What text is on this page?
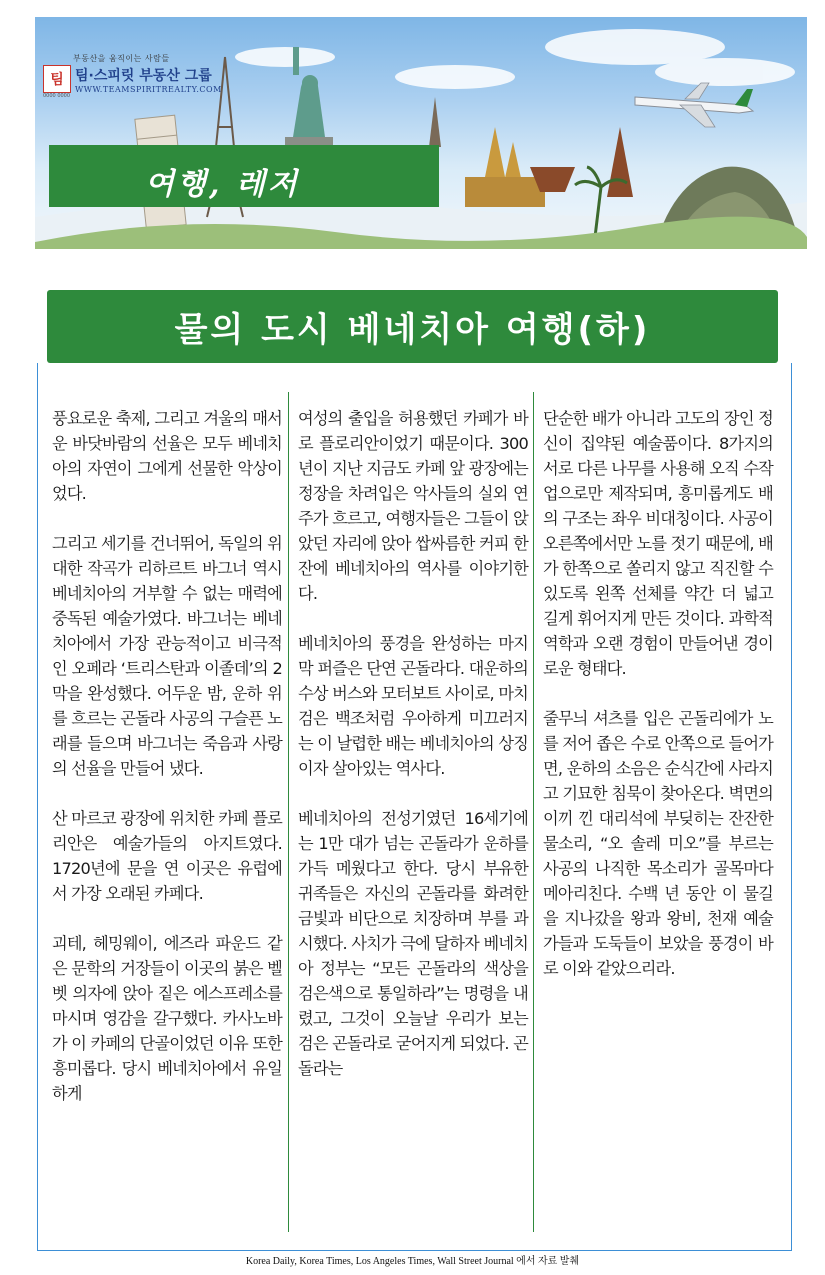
팀
0000 0000
부동산을 움직이는 사람들
팀·스피릿 부동산 그룹
WWW.TEAMSPIRITREALTY.COM
여행, 레저
물의 도시 베네치아 여행(하)

풍요로운 축제, 그리고 겨울의 매서운 바닷바람의 선율은 모두 베네치아의 자연이 그에게 선물한 악상이었다.

그리고 세기를 건너뛰어, 독일의 위대한 작곡가 리하르트 바그너 역시 베네치아의 거부할 수 없는 매력에 중독된 예술가였다. 바그너는 베네치아에서 가장 관능적이고 비극적인 오페라 ‘트리스탄과 이졸데’의 2막을 완성했다. 어두운 밤, 운하 위를 흐르는 곤돌라 사공의 구슬픈 노래를 들으며 바그너는 죽음과 사랑의 선율을 만들어 냈다.

산 마르코 광장에 위치한 카페 플로리안은 예술가들의 아지트였다. 1720년에 문을 연 이곳은 유럽에서 가장 오래된 카페다.

괴테, 헤밍웨이, 에즈라 파운드 같은 문학의 거장들이 이곳의 붉은 벨벳 의자에 앉아 짙은 에스프레소를 마시며 영감을 갈구했다. 카사노바가 이 카페의 단골이었던 이유 또한 흥미롭다. 당시 베네치아에서 유일하게

여성의 출입을 허용했던 카페가 바로 플로리안이었기 때문이다. 300년이 지난 지금도 카페 앞 광장에는 정장을 차려입은 악사들의 실외 연주가 흐르고, 여행자들은 그들이 앉았던 자리에 앉아 쌉싸름한 커피 한 잔에 베네치아의 역사를 이야기한다.

베네치아의 풍경을 완성하는 마지막 퍼즐은 단연 곤돌라다. 대운하의 수상 버스와 모터보트 사이로, 마치 검은 백조처럼 우아하게 미끄러지는 이 날렵한 배는 베네치아의 상징이자 살아있는 역사다.

베네치아의 전성기였던 16세기에는 1만 대가 넘는 곤돌라가 운하를 가득 메웠다고 한다. 당시 부유한 귀족들은 자신의 곤돌라를 화려한 금빛과 비단으로 치장하며 부를 과시했다. 사치가 극에 달하자 베네치아 정부는 “모든 곤돌라의 색상을 검은색으로 통일하라”는 명령을 내렸고, 그것이 오늘날 우리가 보는 검은 곤돌라로 굳어지게 되었다. 곤돌라는

단순한 배가 아니라 고도의 장인 정신이 집약된 예술품이다. 8가지의 서로 다른 나무를 사용해 오직 수작업으로만 제작되며, 흥미롭게도 배의 구조는 좌우 비대칭이다. 사공이 오른쪽에서만 노를 젓기 때문에, 배가 한쪽으로 쏠리지 않고 직진할 수 있도록 왼쪽 선체를 약간 더 넓고 길게 휘어지게 만든 것이다. 과학적 역학과 오랜 경험이 만들어낸 경이로운 형태다.

줄무늬 셔츠를 입은 곤돌리에가 노를 저어 좁은 수로 안쪽으로 들어가면, 운하의 소음은 순식간에 사라지고 기묘한 침묵이 찾아온다. 벽면의 이끼 낀 대리석에 부딪히는 잔잔한 물소리, “오 솔레 미오”를 부르는 사공의 나직한 목소리가 골목마다 메아리친다. 수백 년 동안 이 물길을 지나갔을 왕과 왕비, 천재 예술가들과 도둑들이 보았을 풍경이 바로 이와 같았으리라.

Korea Daily, Korea Times, Los Angeles Times, Wall Street Journal 에서 자료 발췌
